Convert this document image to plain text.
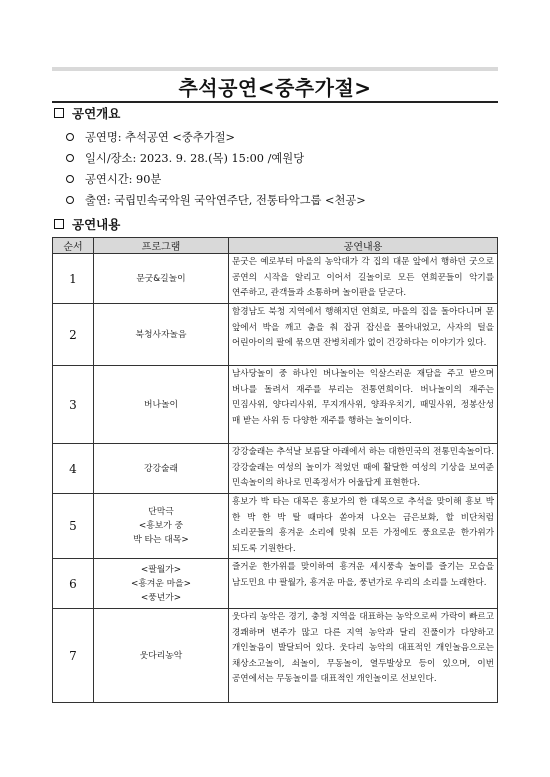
추석공연<중추가절>
공연개요
공연명: 추석공연 <중추가절>
일시/장소: 2023. 9. 28.(목) 15:00 /예원당
공연시간: 90분
출연: 국립민속국악원 국악연주단, 전통타악그룹 <천공>
공연내용
순서	프로그램	공연내용
1	문굿&길놀이	문굿은 예로부터 마을의 농악대가 각 집의 대문 앞에서 행하던 굿으로 공연의 시작을 알리고 이어서 길놀이로 모든 연희꾼들이 악기를 연주하고, 관객들과 소통하며 놀이판을 닫군다.
2	북청사자놀음	함경남도 북청 지역에서 행해지던 연희로, 마을의 집을 돌아다니며 문 앞에서 박을 깨고 춤을 춰 잡귀 잡신을 몰아내었고, 사자의 털을 어린아이의 팔에 묶으면 잔병치레가 없이 건강하다는 이야기가 있다.
3	버나놀이	남사당놀이 중 하나인 버나놀이는 익살스러운 재담을 주고 받으며 버나를 돌려서 재주를 부리는 전통연희이다. 버나놀이의 재주는 민짐사위, 양다리사위, 무지개사위, 양좌우치기, 때밀사위, 정봉산성 매 받는 사위 등 다양한 재주를 행하는 놀이이다.
4	강강술래	강강술래는 추석날 보름달 아래에서 하는 대한민국의 전통민속놀이다. 강강술래는 여성의 놀이가 적었던 때에 활달한 여성의 기상을 보여준 민속놀이의 하나로 민족정서가 어울답게 표현한다.
5	단막극
<흥보가 중
박 타는 대목>	흥보가 박 타는 대목은 흥보가의 한 대목으로 추석을 맞이해 흥보 박 한 박 한 박 탈 때마다 쏟아져 나오는 금은보화, 할 비단처럼 소리꾼들의 흥겨운 소리에 맞춰 모든 가정에도 풍요로운 한가위가 되도록 기원한다.
6	<팔월가>
<흥겨운 마을>
<풍년가>	즐거운 한가위를 맞이하여 흥겨운 세시풍속 놀이를 즐기는 모습을 남도민요 中 팔월가, 흥겨운 마을, 풍년가로 우리의 소리를 노래한다.
7	웃다리농악	웃다리 농악은 경기, 충청 지역을 대표하는 농악으로써 가락이 빠르고 경쾌하며 변주가 많고 다른 지역 농악과 달리 진풀이가 다양하고 개인놀음이 발달되어 있다. 웃다리 농악의 대표적인 개인놀음으로는 채상소고놀이, 쇠놀이, 무동놀이, 열두발상모 등이 있으며, 이번 공연에서는 무동놀이를 대표적인 개인놀이로 선보인다.
